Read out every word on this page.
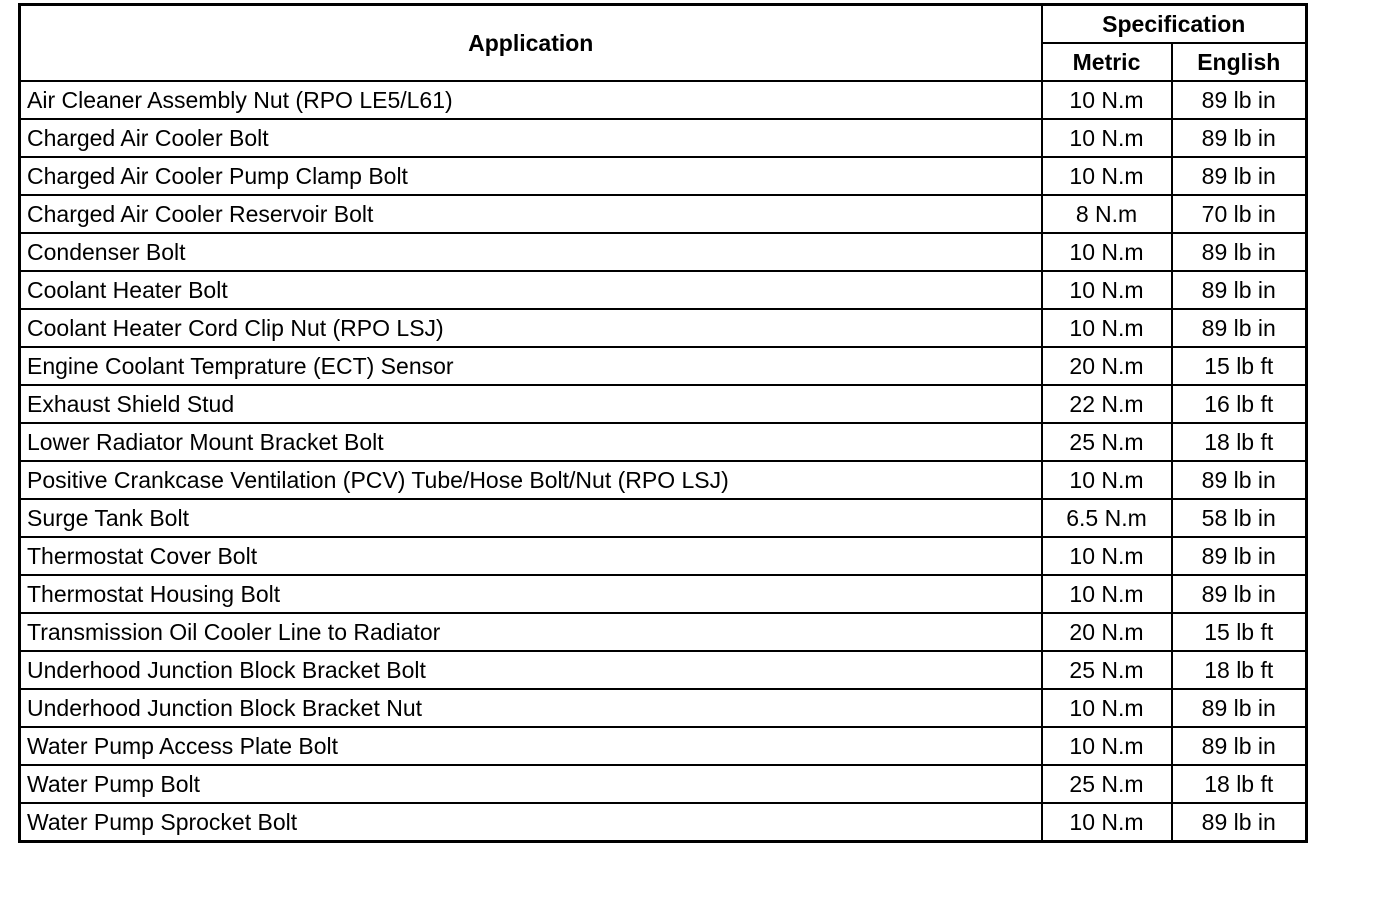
Application	Specification	
	Metric	English
Air Cleaner Assembly Nut (RPO LE5/L61)	10 N.m	89 lb in
Charged Air Cooler Bolt	10 N.m	89 lb in
Charged Air Cooler Pump Clamp Bolt	10 N.m	89 lb in
Charged Air Cooler Reservoir Bolt	8 N.m	70 lb in
Condenser Bolt	10 N.m	89 lb in
Coolant Heater Bolt	10 N.m	89 lb in
Coolant Heater Cord Clip Nut (RPO LSJ)	10 N.m	89 lb in
Engine Coolant Temprature (ECT) Sensor	20 N.m	15 lb ft
Exhaust Shield Stud	22 N.m	16 lb ft
Lower Radiator Mount Bracket Bolt	25 N.m	18 lb ft
Positive Crankcase Ventilation (PCV) Tube/Hose Bolt/Nut (RPO LSJ)	10 N.m	89 lb in
Surge Tank Bolt	6.5 N.m	58 lb in
Thermostat Cover Bolt	10 N.m	89 lb in
Thermostat Housing Bolt	10 N.m	89 lb in
Transmission Oil Cooler Line to Radiator	20 N.m	15 lb ft
Underhood Junction Block Bracket Bolt	25 N.m	18 lb ft
Underhood Junction Block Bracket Nut	10 N.m	89 lb in
Water Pump Access Plate Bolt	10 N.m	89 lb in
Water Pump Bolt	25 N.m	18 lb ft
Water Pump Sprocket Bolt	10 N.m	89 lb in
